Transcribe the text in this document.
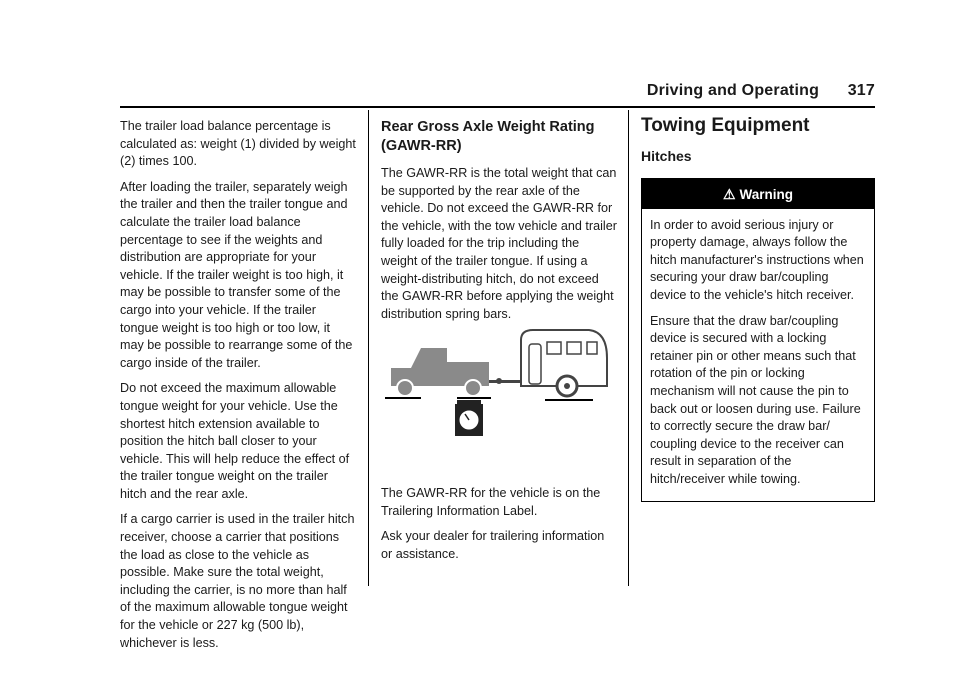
Driving and Operating 317

The trailer load balance percentage is calculated as: weight (1) divided by weight (2) times 100.

After loading the trailer, separately weigh the trailer and then the trailer tongue and calculate the trailer load balance percentage to see if the weights and distribution are appropriate for your vehicle. If the trailer weight is too high, it may be possible to transfer some of the cargo into your vehicle. If the trailer tongue weight is too high or too low, it may be possible to rearrange some of the cargo inside of the trailer.

Do not exceed the maximum allowable tongue weight for your vehicle. Use the shortest hitch extension available to position the hitch ball closer to your vehicle. This will help reduce the effect of the trailer tongue weight on the trailer hitch and the rear axle.

If a cargo carrier is used in the trailer hitch receiver, choose a carrier that positions the load as close to the vehicle as possible. Make sure the total weight, including the carrier, is no more than half of the maximum allowable tongue weight for the vehicle or 227 kg (500 lb), whichever is less.

Rear Gross Axle Weight Rating (GAWR-RR)

The GAWR-RR is the total weight that can be supported by the rear axle of the vehicle. Do not exceed the GAWR-RR for the vehicle, with the tow vehicle and trailer fully loaded for the trip including the weight of the trailer tongue. If using a weight-distributing hitch, do not exceed the GAWR-RR before applying the weight distribution spring bars.

The GAWR-RR for the vehicle is on the Trailering Information Label.

Ask your dealer for trailering information or assistance.

Towing Equipment
Hitches
⚠ Warning

In order to avoid serious injury or property damage, always follow the hitch manufacturer's instructions when securing your draw bar/coupling device to the vehicle's hitch receiver.

Ensure that the draw bar/coupling device is secured with a locking retainer pin or other means such that rotation of the pin or locking mechanism will not cause the pin to back out or loosen during use. Failure to correctly secure the draw bar/ coupling device to the receiver can result in separation of the hitch/receiver while towing.
